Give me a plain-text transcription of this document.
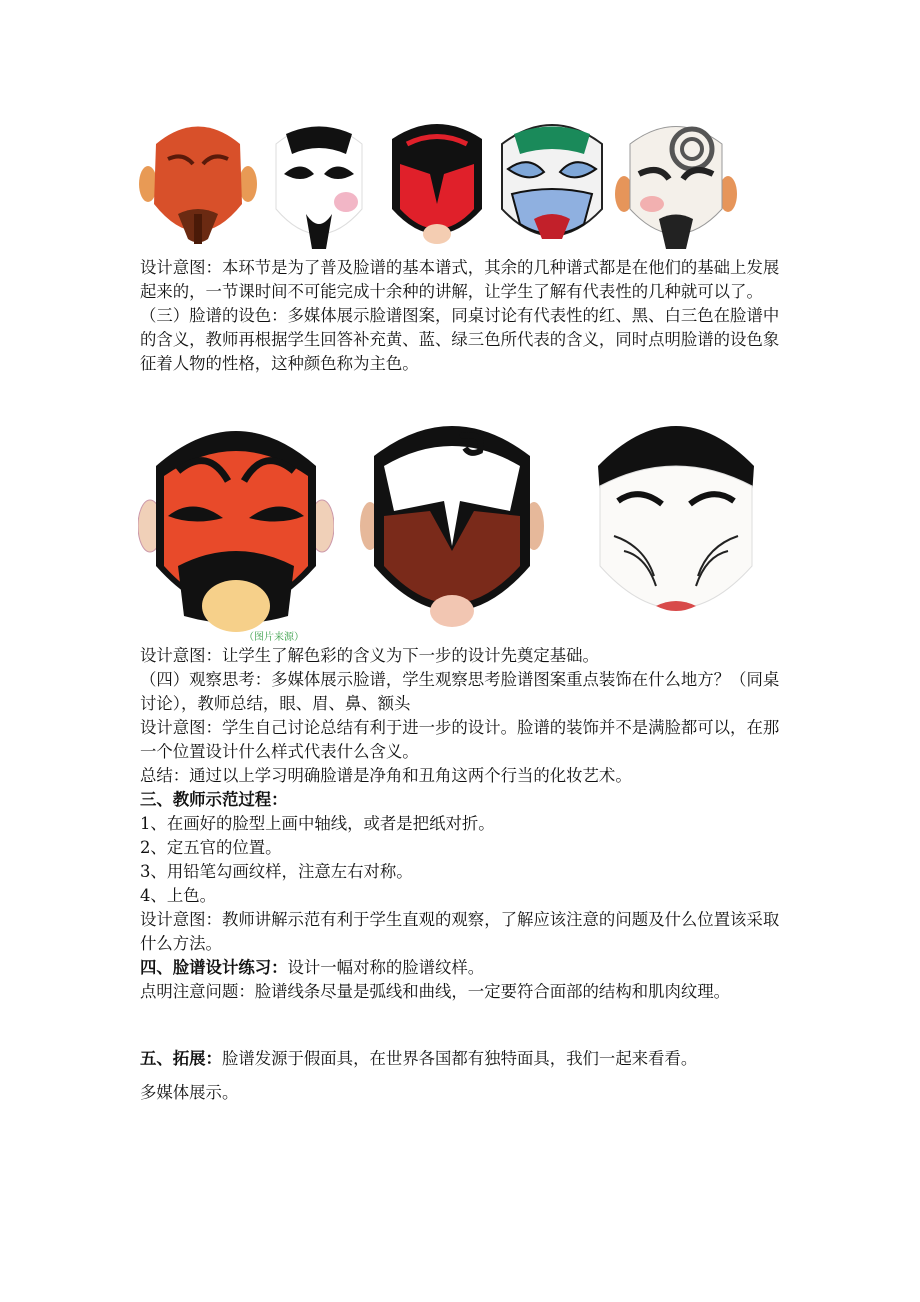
设计意图：本环节是为了普及脸谱的基本谱式，其余的几种谱式都是在他们的基础上发展起来的，一节课时间不可能完成十余种的讲解，让学生了解有代表性的几种就可以了。

（三）脸谱的设色：多媒体展示脸谱图案，同桌讨论有代表性的红、黑、白三色在脸谱中的含义，教师再根据学生回答补充黄、蓝、绿三色所代表的含义，同时点明脸谱的设色象征着人物的性格，这种颜色称为主色。

（图片来源）

设计意图：让学生了解色彩的含义为下一步的设计先奠定基础。

（四）观察思考：多媒体展示脸谱，学生观察思考脸谱图案重点装饰在什么地方？（同桌讨论），教师总结，眼、眉、鼻、额头

设计意图：学生自己讨论总结有利于进一步的设计。脸谱的装饰并不是满脸都可以，在那一个位置设计什么样式代表什么含义。

总结：通过以上学习明确脸谱是净角和丑角这两个行当的化妆艺术。

三、教师示范过程：

1、在画好的脸型上画中轴线，或者是把纸对折。

2、定五官的位置。

3、用铅笔勾画纹样，注意左右对称。

4、上色。

设计意图：教师讲解示范有利于学生直观的观察，了解应该注意的问题及什么位置该采取什么方法。

四、脸谱设计练习：设计一幅对称的脸谱纹样。

点明注意问题：脸谱线条尽量是弧线和曲线，一定要符合面部的结构和肌肉纹理。

五、拓展：脸谱发源于假面具，在世界各国都有独特面具，我们一起来看看。

多媒体展示。
